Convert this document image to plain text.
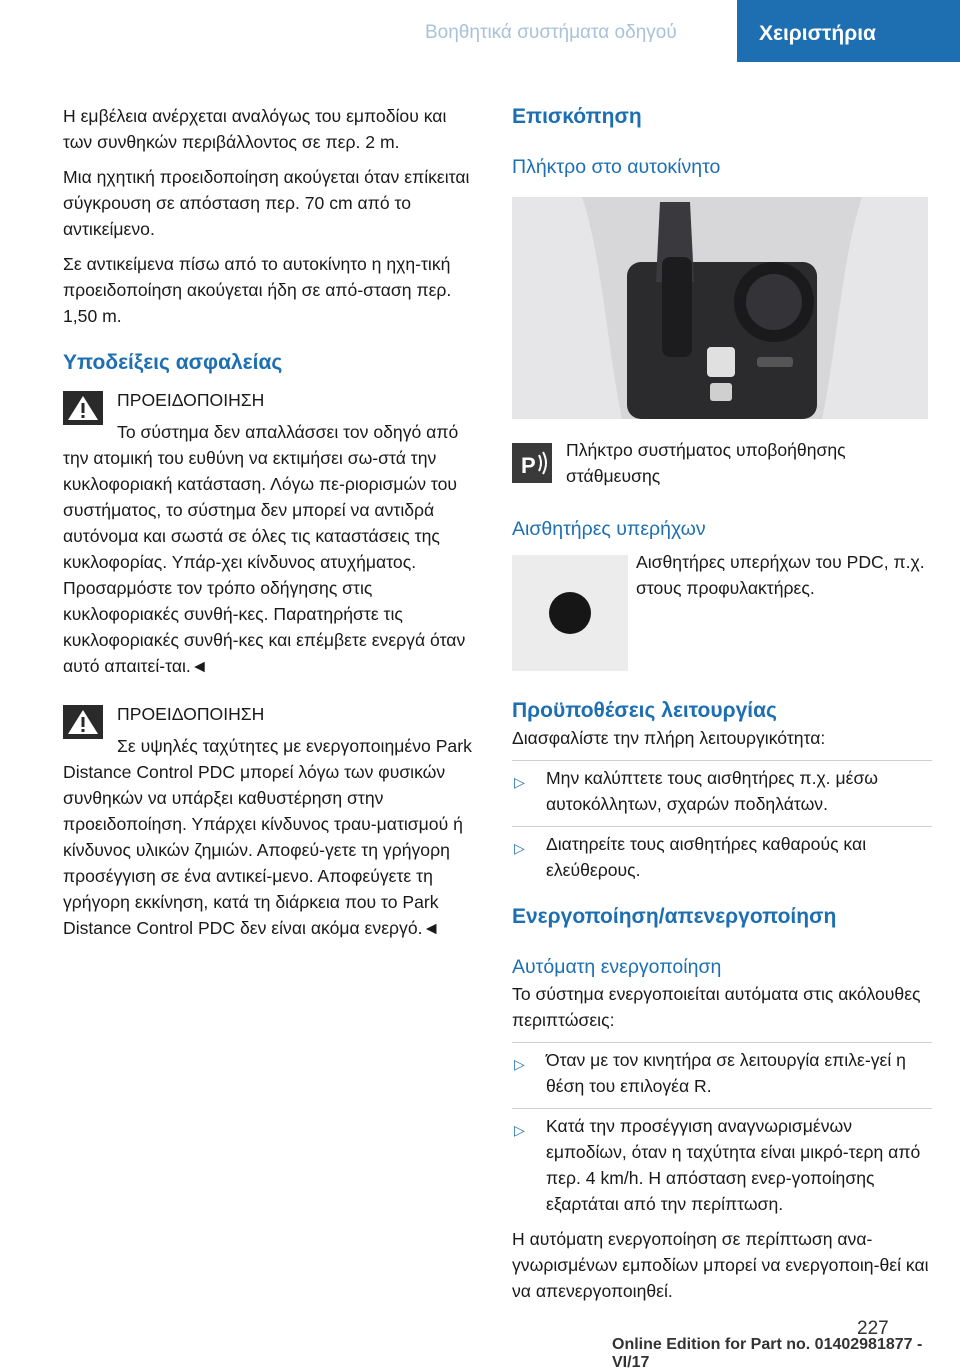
Βοηθητικά συστήματα οδηγού	Χειριστήρια

Η εμβέλεια ανέρχεται αναλόγως του εμποδίου και των συνθηκών περιβάλλοντος σε περ. 2 m.

Μια ηχητική προειδοποίηση ακούγεται όταν επίκειται σύγκρουση σε απόσταση περ. 70 cm από το αντικείμενο.

Σε αντικείμενα πίσω από το αυτοκίνητο η ηχη-τική προειδοποίηση ακούγεται ήδη σε από-σταση περ. 1,50 m.

Υποδείξεις ασφαλείας

ΠΡΟΕΙΔΟΠΟΙΗΣΗ

Το σύστημα δεν απαλλάσσει τον οδηγό από την ατομική του ευθύνη να εκτιμήσει σω-στά την κυκλοφοριακή κατάσταση. Λόγω πε-ριορισμών του συστήματος, το σύστημα δεν μπορεί να αντιδρά αυτόνομα και σωστά σε όλες τις καταστάσεις της κυκλοφορίας. Υπάρ-χει κίνδυνος ατυχήματος. Προσαρμόστε τον τρόπο οδήγησης στις κυκλοφοριακές συνθή-κες. Παρατηρήστε τις κυκλοφοριακές συνθή-κες και επέμβετε ενεργά όταν αυτό απαιτεί-ται.◄

ΠΡΟΕΙΔΟΠΟΙΗΣΗ

Σε υψηλές ταχύτητες με ενεργοποιημένο Park Distance Control PDC μπορεί λόγω των φυσικών συνθηκών να υπάρξει καθυστέρηση στην προειδοποίηση. Υπάρχει κίνδυνος τραυ-ματισμού ή κίνδυνος υλικών ζημιών. Αποφεύ-γετε τη γρήγορη προσέγγιση σε ένα αντικεί-μενο. Αποφεύγετε τη γρήγορη εκκίνηση, κατά τη διάρκεια που το Park Distance Control PDC δεν είναι ακόμα ενεργό.◄

Επισκόπηση
Πλήκτρο στο αυτοκίνητο
P

Πλήκτρο συστήματος υποβοήθησης στάθμευσης

Αισθητήρες υπερήχων

Αισθητήρες υπερήχων του PDC, π.χ. στους προφυλακτήρες.

Προϋποθέσεις λειτουργίας

Διασφαλίστε την πλήρη λειτουργικότητα:

▷ Μην καλύπτετε τους αισθητήρες π.χ. μέσω αυτοκόλλητων, σχαρών ποδηλάτων.
▷ Διατηρείτε τους αισθητήρες καθαρούς και ελεύθερους.
Ενεργοποίηση/απενεργοποίηση
Αυτόματη ενεργοποίηση

Το σύστημα ενεργοποιείται αυτόματα στις ακόλουθες περιπτώσεις:

▷ Όταν με τον κινητήρα σε λειτουργία επιλε-γεί η θέση του επιλογέα R.
▷ Κατά την προσέγγιση αναγνωρισμένων εμποδίων, όταν η ταχύτητα είναι μικρό-τερη από περ. 4 km/h. Η απόσταση ενερ-γοποίησης εξαρτάται από την περίπτωση.

Η αυτόματη ενεργοποίηση σε περίπτωση ανα-γνωρισμένων εμποδίων μπορεί να ενεργοποιη-θεί και να απενεργοποιηθεί.

227
Online Edition for Part no. 01402981877 - VI/17
